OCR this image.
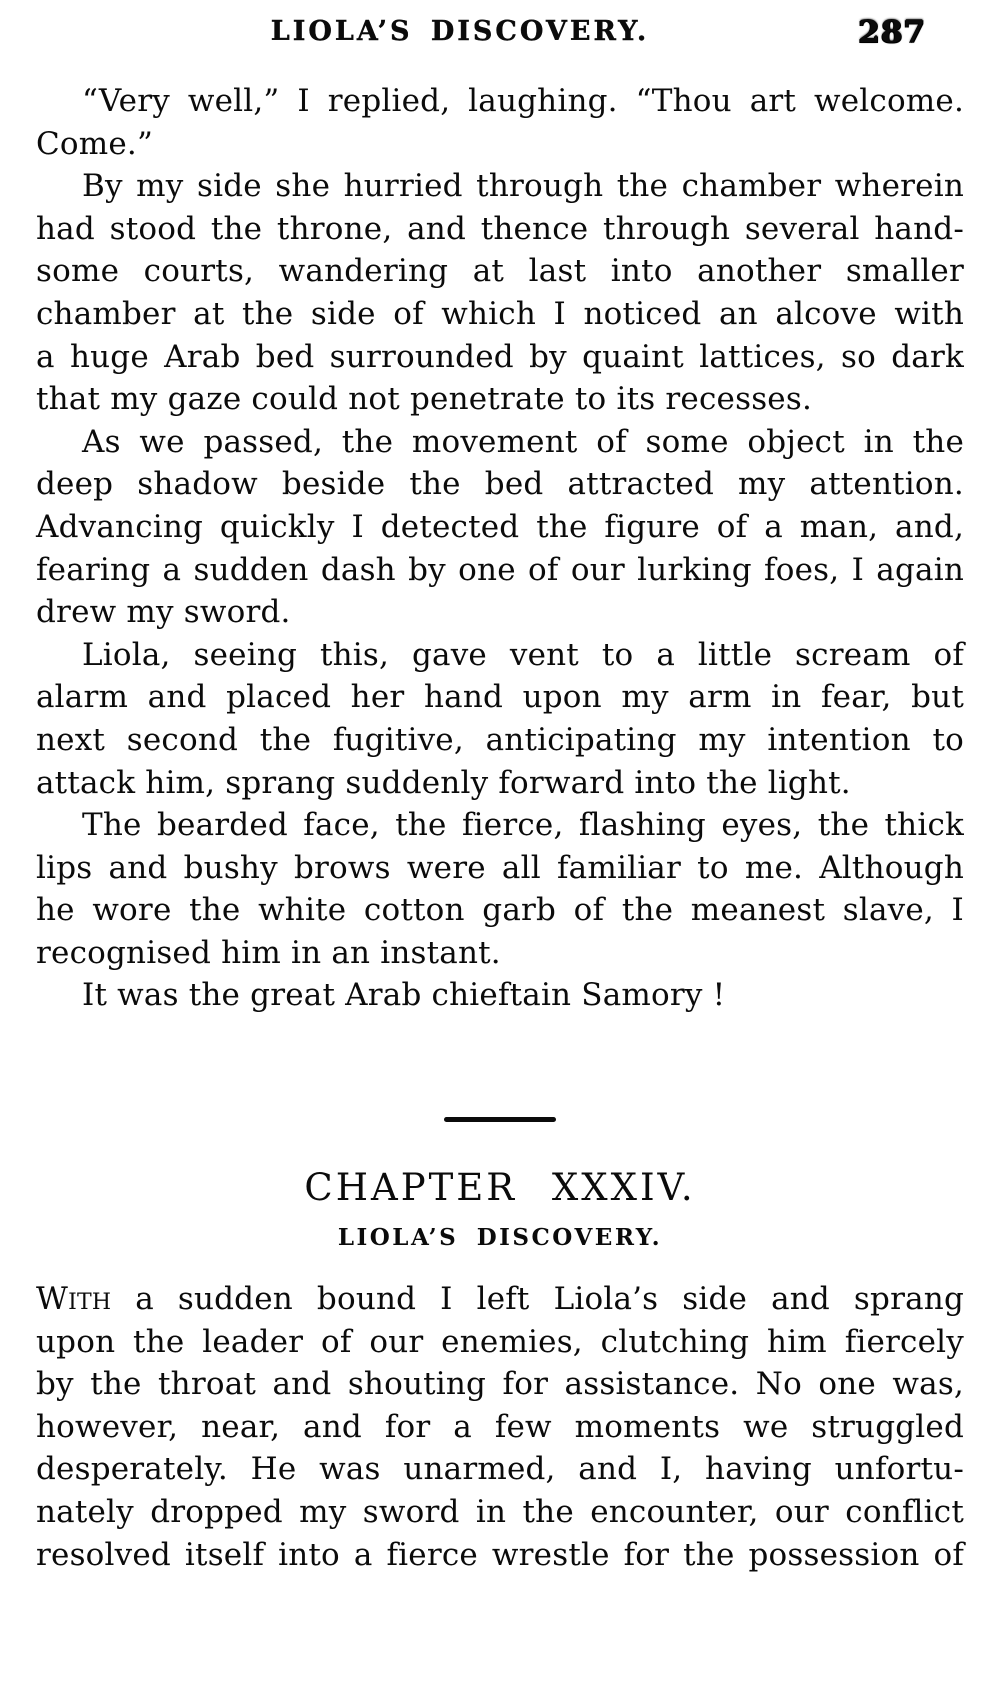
LIOLA’S DISCOVERY.	287
“Very well,” I replied, laughing. “Thou art welcome.
Come.”
By my side she hurried through the chamber wherein
had stood the throne, and thence through several hand-
some courts, wandering at last into another smaller
chamber at the side of which I noticed an alcove with
a huge Arab bed surrounded by quaint lattices, so dark
that my gaze could not penetrate to its recesses.
As we passed, the movement of some object in the
deep shadow beside the bed attracted my attention.
Advancing quickly I detected the figure of a man, and,
fearing a sudden dash by one of our lurking foes, I again
drew my sword.
Liola, seeing this, gave vent to a little scream of
alarm and placed her hand upon my arm in fear, but
next second the fugitive, anticipating my intention to
attack him, sprang suddenly forward into the light.
The bearded face, the fierce, flashing eyes, the thick
lips and bushy brows were all familiar to me. Although
he wore the white cotton garb of the meanest slave, I
recognised him in an instant.
It was the great Arab chieftain Samory !
CHAPTER XXXIV.
LIOLA’S DISCOVERY.
With a sudden bound I left Liola’s side and sprang
upon the leader of our enemies, clutching him fiercely
by the throat and shouting for assistance. No one was,
however, near, and for a few moments we struggled
desperately. He was unarmed, and I, having unfortu-
nately dropped my sword in the encounter, our conflict
resolved itself into a fierce wrestle for the possession of
